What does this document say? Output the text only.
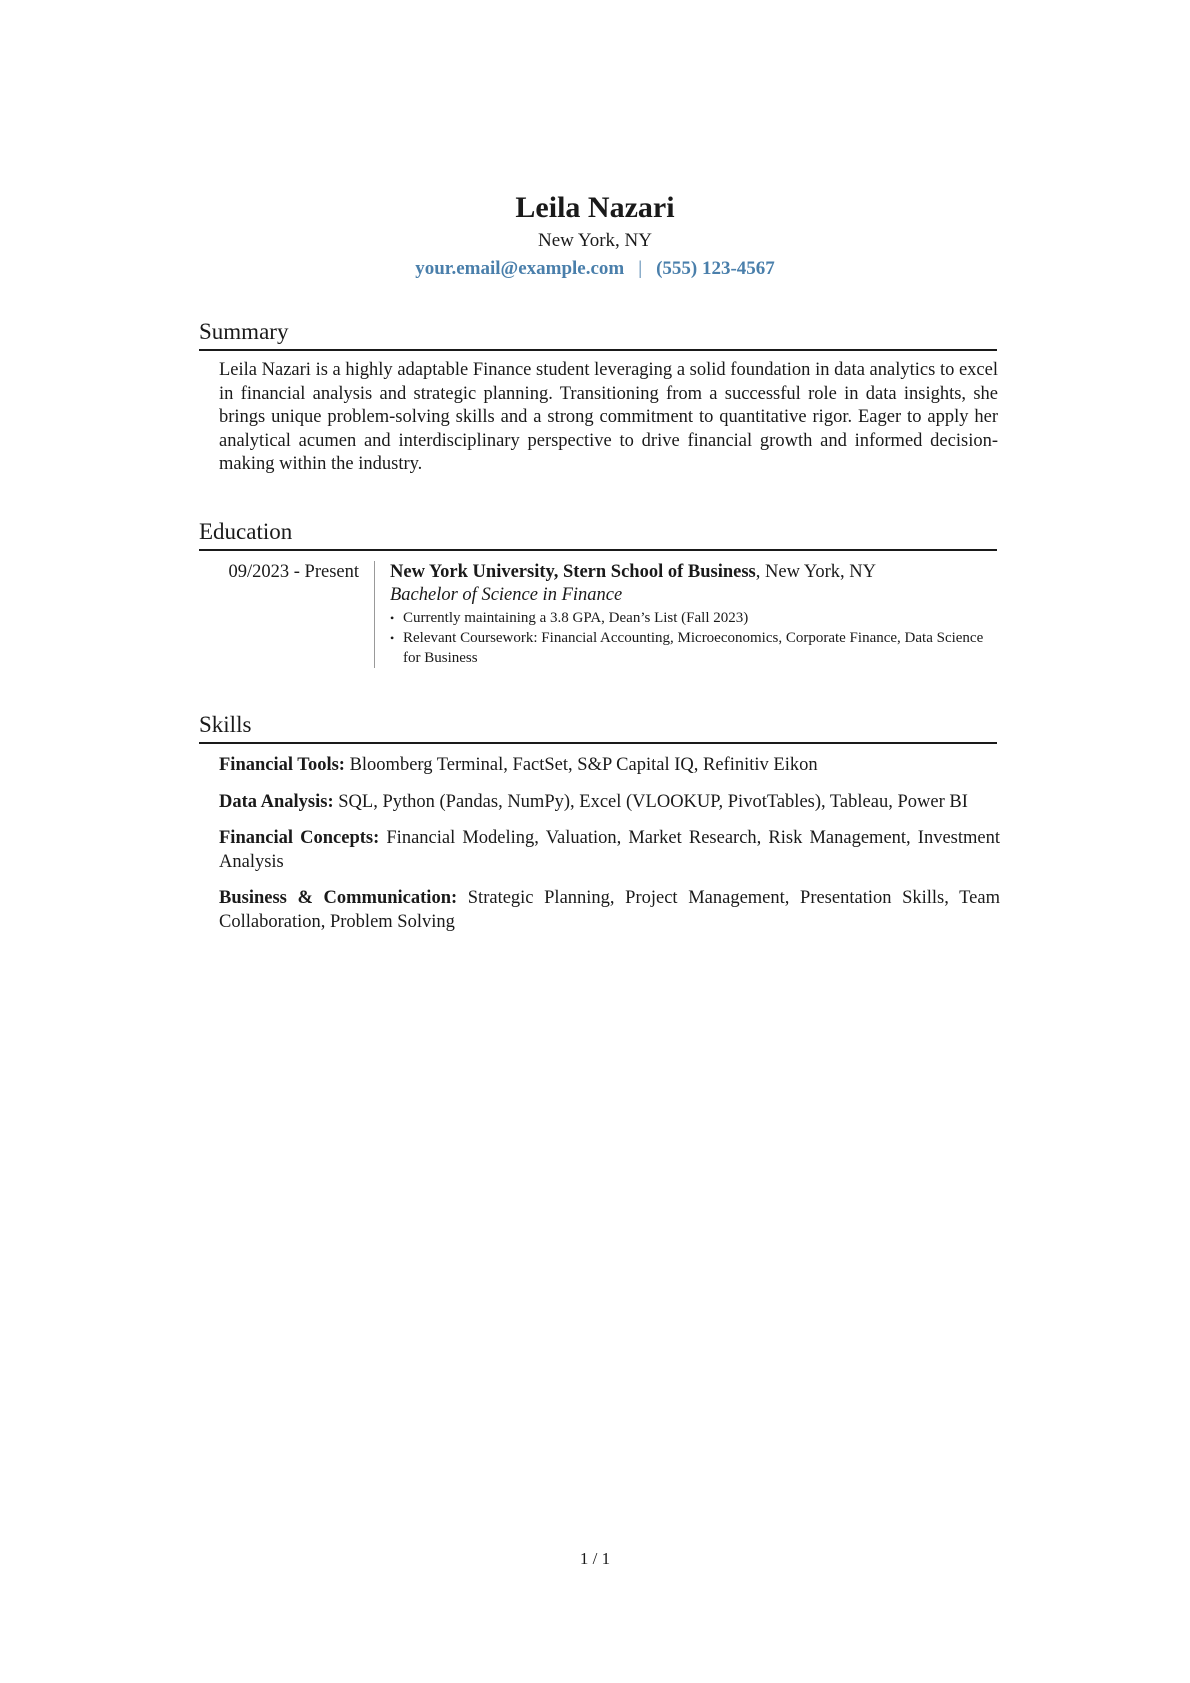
Leila Nazari
New York, NY
your.email@example.com | (555) 123-4567
Summary
Leila Nazari is a highly adaptable Finance student leveraging a solid foundation in data analytics to excel in financial analysis and strategic planning. Transitioning from a successful role in data insights, she brings unique problem-solving skills and a strong commitment to quantitative rigor. Eager to apply her analytical acumen and interdisciplinary perspective to drive financial growth and informed decision-making within the industry.
Education
09/2023 - Present	New York University, Stern School of Business, New York, NY
Bachelor of Science in Finance
• Currently maintaining a 3.8 GPA, Dean’s List (Fall 2023)
• Relevant Coursework: Financial Accounting, Microeconomics, Corporate Finance, Data Science for Business
Skills
Financial Tools: Bloomberg Terminal, FactSet, S&P Capital IQ, Refinitiv Eikon
Data Analysis: SQL, Python (Pandas, NumPy), Excel (VLOOKUP, PivotTables), Tableau, Power BI
Financial Concepts: Financial Modeling, Valuation, Market Research, Risk Management, Investment Analysis
Business & Communication: Strategic Planning, Project Management, Presentation Skills, Team Collaboration, Problem Solving
1 / 1
